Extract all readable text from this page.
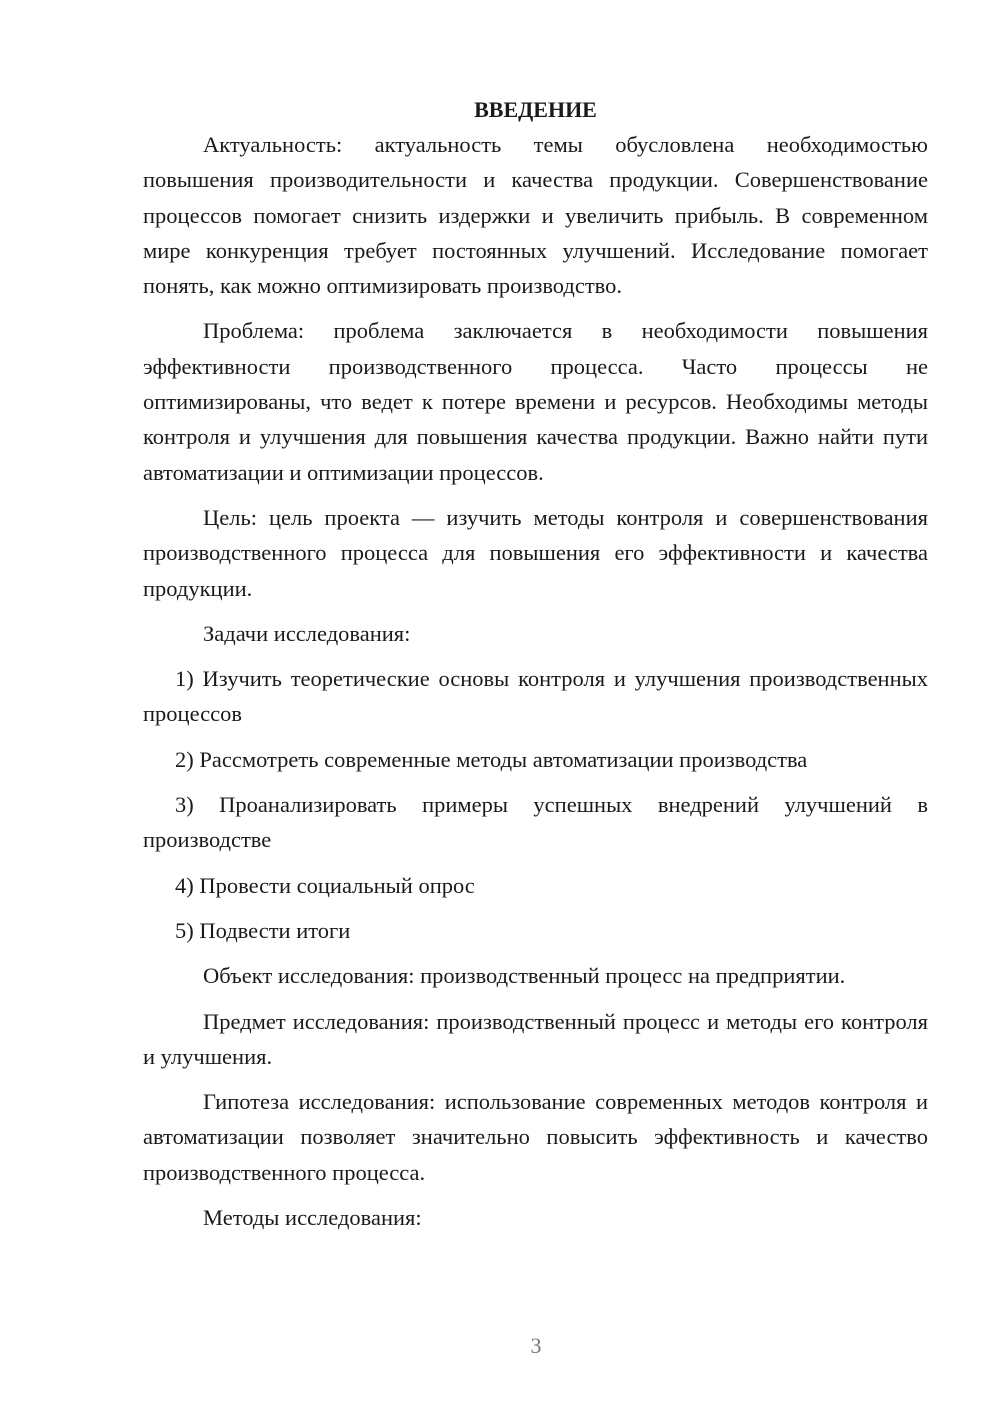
ВВЕДЕНИЕ

Актуальность: актуальность темы обусловлена необходимостью повышения производительности и качества продукции. Совершенствование процессов помогает снизить издержки и увеличить прибыль. В современном мире конкуренция требует постоянных улучшений. Исследование помогает понять, как можно оптимизировать производство.

Проблема: проблема заключается в необходимости повышения эффективности производственного процесса. Часто процессы не оптимизированы, что ведет к потере времени и ресурсов. Необходимы методы контроля и улучшения для повышения качества продукции. Важно найти пути автоматизации и оптимизации процессов.

Цель: цель проекта — изучить методы контроля и совершенствования производственного процесса для повышения его эффективности и качества продукции.

Задачи исследования:

1) Изучить теоретические основы контроля и улучшения производственных процессов

2) Рассмотреть современные методы автоматизации производства

3) Проанализировать примеры успешных внедрений улучшений в производстве

4) Провести социальный опрос

5) Подвести итоги

Объект исследования: производственный процесс на предприятии.

Предмет исследования: производственный процесс и методы его контроля и улучшения.

Гипотеза исследования: использование современных методов контроля и автоматизации позволяет значительно повысить эффективность и качество производственного процесса.

Методы исследования:

3
